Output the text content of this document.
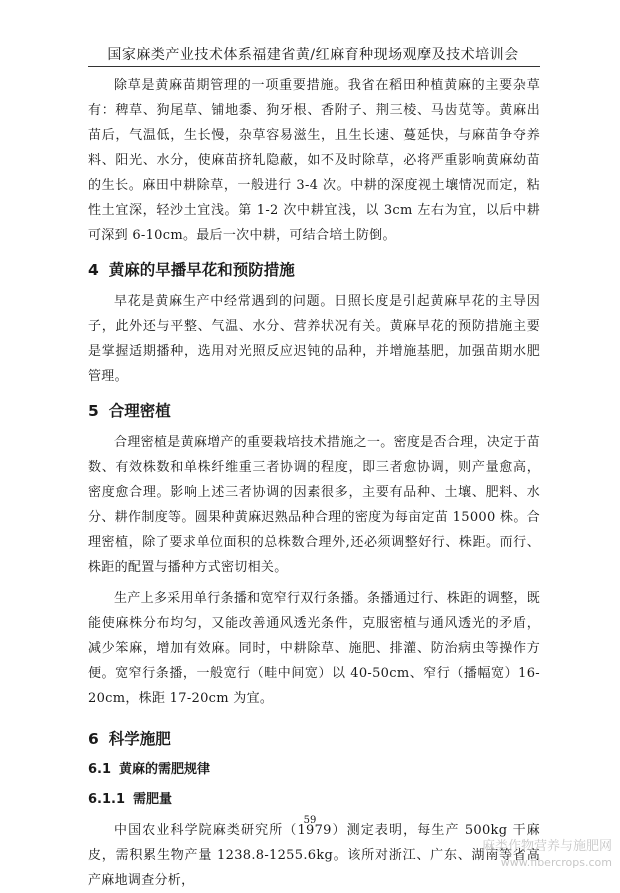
国家麻类产业技术体系福建省黄/红麻育种现场观摩及技术培训会

除草是黄麻苗期管理的一项重要措施。我省在稻田种植黄麻的主要杂草有：稗草、狗尾草、铺地黍、狗牙根、香附子、荆三棱、马齿苋等。黄麻出苗后，气温低，生长慢，杂草容易滋生，且生长速、蔓延快，与麻苗争夺养料、阳光、水分，使麻苗挤轧隐蔽，如不及时除草，必将严重影响黄麻幼苗的生长。麻田中耕除草，一般进行 3-4 次。中耕的深度视土壤情况而定，粘性土宜深，轻沙土宜浅。第 1-2 次中耕宜浅，以 3cm 左右为宜，以后中耕可深到 6-10cm。最后一次中耕，可结合培土防倒。

4 黄麻的早播早花和预防措施

早花是黄麻生产中经常遇到的问题。日照长度是引起黄麻早花的主导因子，此外还与平整、气温、水分、营养状况有关。黄麻早花的预防措施主要是掌握适期播种，选用对光照反应迟钝的品种，并增施基肥，加强苗期水肥管理。

5 合理密植

合理密植是黄麻增产的重要栽培技术措施之一。密度是否合理，决定于苗数、有效株数和单株纤维重三者协调的程度，即三者愈协调，则产量愈高，密度愈合理。影响上述三者协调的因素很多，主要有品种、土壤、肥料、水分、耕作制度等。圆果种黄麻迟熟品种合理的密度为每亩定苗 15000 株。合理密植，除了要求单位面积的总株数合理外,还必须调整好行、株距。而行、株距的配置与播种方式密切相关。

生产上多采用单行条播和宽窄行双行条播。条播通过行、株距的调整，既能使麻株分布均匀，又能改善通风透光条件，克服密植与通风透光的矛盾，减少笨麻，增加有效麻。同时，中耕除草、施肥、排灌、防治病虫等操作方便。宽窄行条播，一般宽行（畦中间宽）以 40-50cm、窄行（播幅宽）16-20cm，株距 17-20cm 为宜。

6 科学施肥
6.1 黄麻的需肥规律
6.1.1 需肥量

中国农业科学院麻类研究所（1979）测定表明，每生产 500kg 干麻皮，需积累生物产量 1238.8-1255.6kg。该所对浙江、广东、湖南等省高产麻地调查分析，

59
麻类作物营养与施肥网
www.fibercrops.com
